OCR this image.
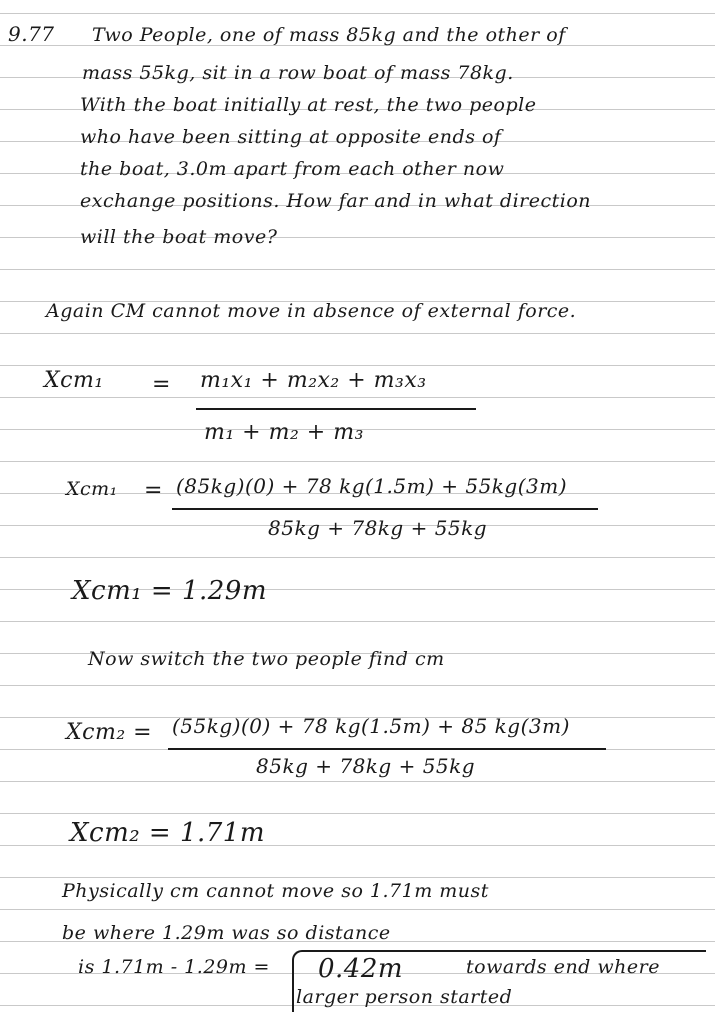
9.77 Two People, one of mass 85kg and the other of
mass 55kg, sit in a row boat of mass 78kg.
With the boat initially at rest, the two people
who have been sitting at opposite ends of
the boat, 3.0m apart from each other now
exchange positions. How far and in what direction
will the boat move?
Again CM cannot move in absence of external force.
Xcm₁ = m₁x₁ + m₂x₂ + m₃x₃
m₁ + m₂ + m₃
Xcm₁ = (85kg)(0) + 78 kg(1.5m) + 55kg(3m)
85kg + 78kg + 55kg
Xcm₁ = 1.29m
Now switch the two people find cm
Xcm₂ = (55kg)(0) + 78 kg(1.5m) + 85 kg(3m)
85kg + 78kg + 55kg
Xcm₂ = 1.71m
Physically cm cannot move so 1.71m must
be where 1.29m was so distance
is 1.71m - 1.29m = 0.42m	towards end where
larger person started
